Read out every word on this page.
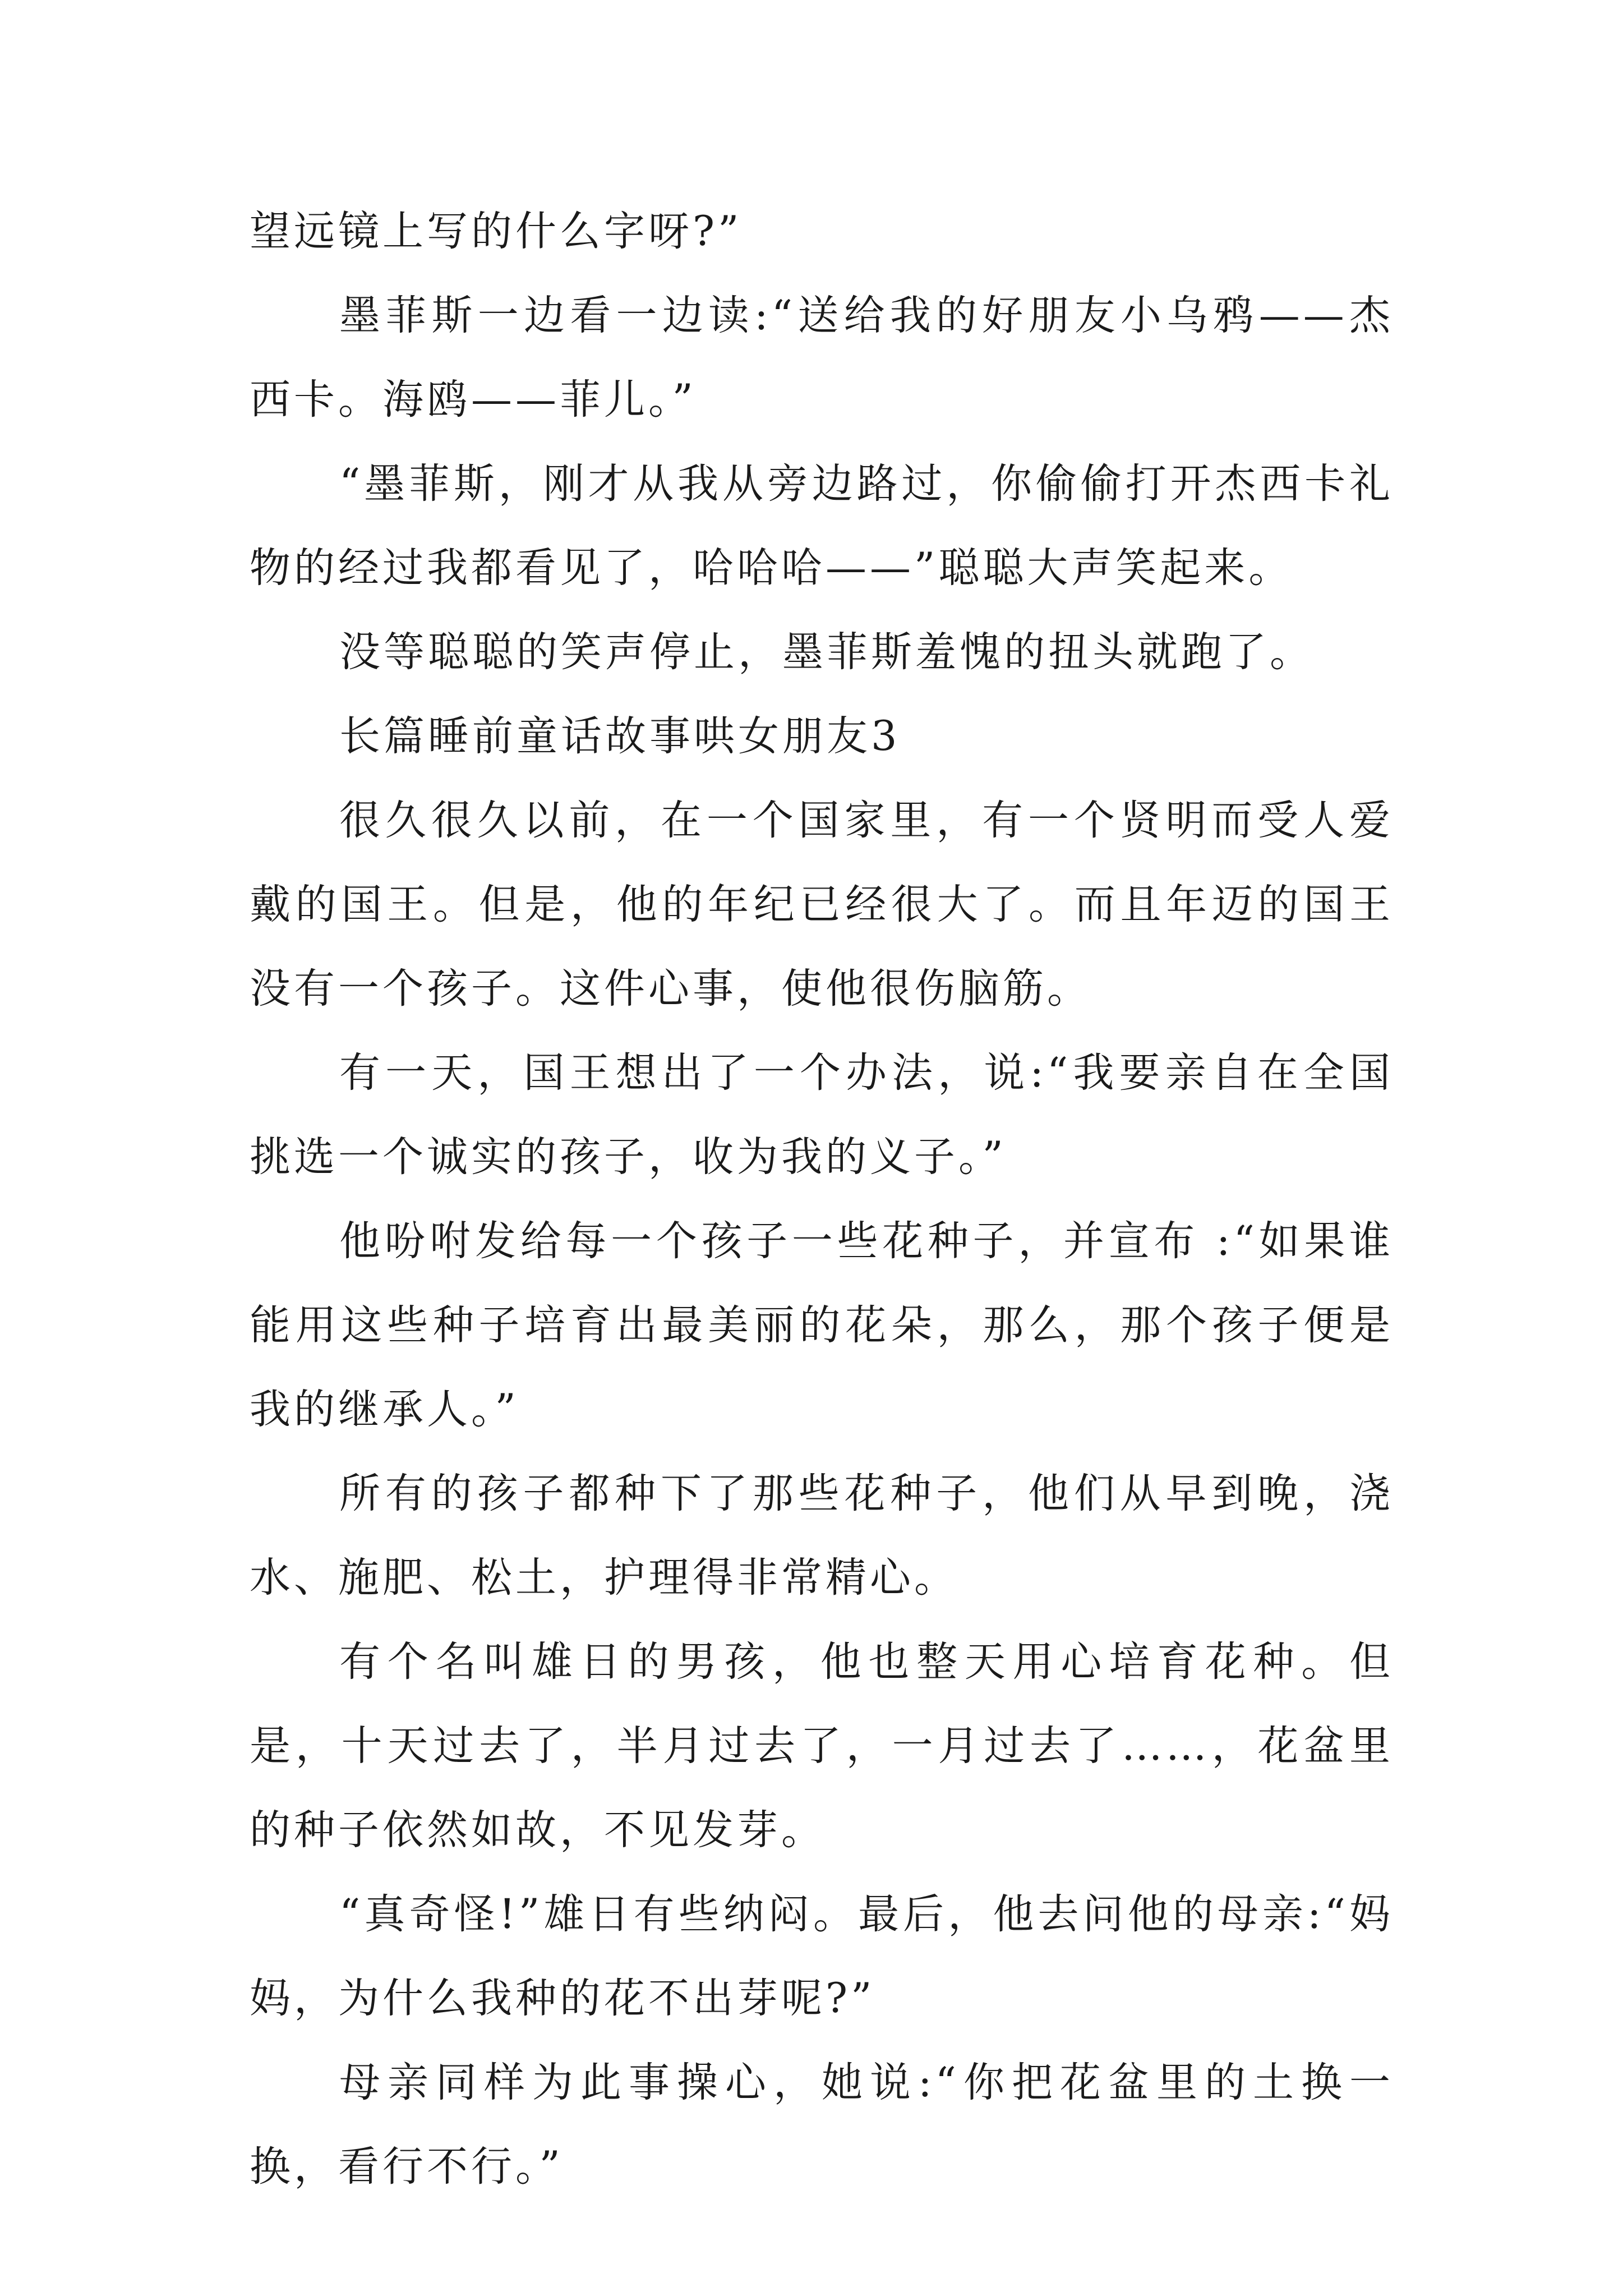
望远镜上写的什么字呀?”

墨菲斯一边看一边读:“送给我的好朋友小乌鸦——杰西卡。海鸥——菲儿。”

“墨菲斯，刚才从我从旁边路过，你偷偷打开杰西卡礼物的经过我都看见了，哈哈哈——”聪聪大声笑起来。

没等聪聪的笑声停止，墨菲斯羞愧的扭头就跑了。

长篇睡前童话故事哄女朋友3

很久很久以前，在一个国家里，有一个贤明而受人爱戴的国王。但是，他的年纪已经很大了。而且年迈的国王没有一个孩子。这件心事，使他很伤脑筋。

有一天，国王想出了一个办法，说:“我要亲自在全国挑选一个诚实的孩子，收为我的义子。”

他吩咐发给每一个孩子一些花种子，并宣布 :“如果谁能用这些种子培育出最美丽的花朵，那么，那个孩子便是我的继承人。”

所有的孩子都种下了那些花种子，他们从早到晚，浇水、施肥、松土，护理得非常精心。

有个名叫雄日的男孩，他也整天用心培育花种。但是，十天过去了，半月过去了，一月过去了……，花盆里的种子依然如故，不见发芽。

“真奇怪!”雄日有些纳闷。最后，他去问他的母亲:“妈妈，为什么我种的花不出芽呢?”

母亲同样为此事操心，她说:“你把花盆里的土换一换，看行不行。”
